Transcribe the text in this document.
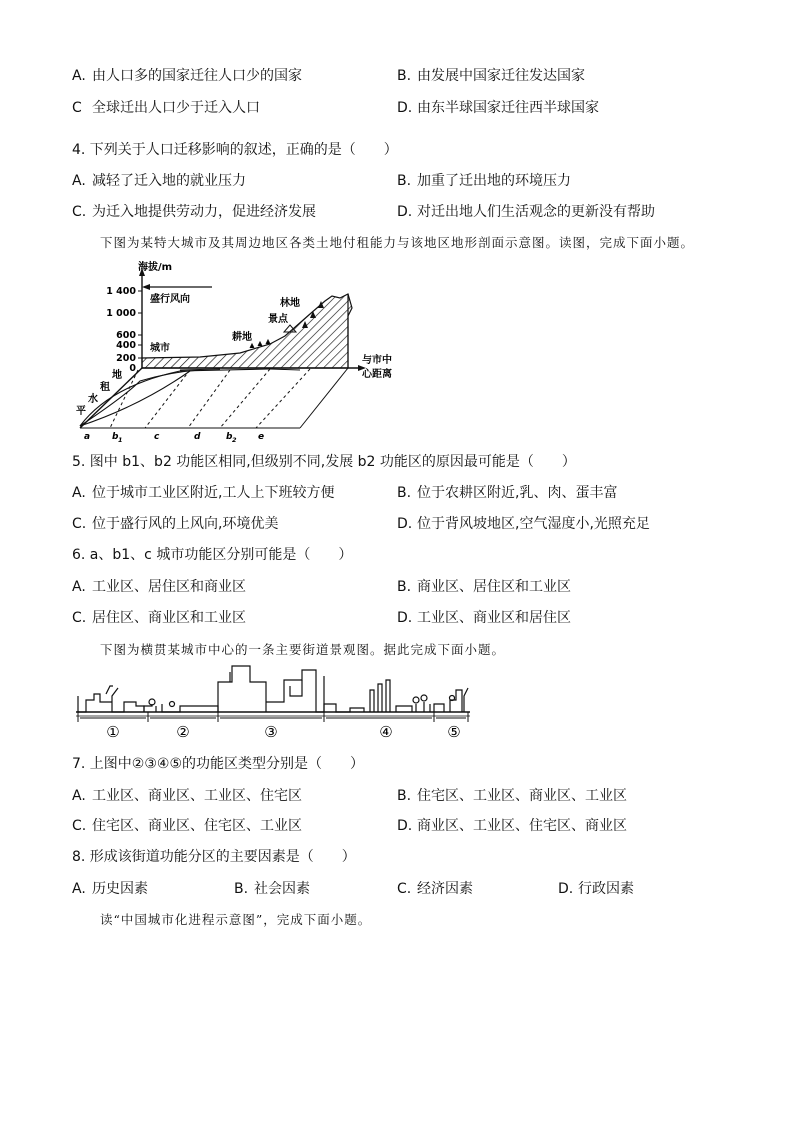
A. 由人口多的国家迁往人口少的国家	B. 由发展中国家迁往发达国家
C 全球迁出人口少于迁入人口	D. 由东半球国家迁往西半球国家
4. 下列关于人口迁移影响的叙述，正确的是（　　）
A. 减轻了迁入地的就业压力	B. 加重了迁出地的环境压力
C. 为迁入地提供劳动力，促进经济发展	D. 对迁出地人们生活观念的更新没有帮助
下图为某特大城市及其周边地区各类土地付租能力与该地区地形剖面示意图。读图，完成下面小题。
海拔/m
1 400
1 000
600
400
200
0
盛行风向
城市
耕地
景点
林地
与市中
心距离
地
租
水
平
a b 1	c	d	b 2 e
5. 图中 b1、b2 功能区相同,但级别不同,发展 b2 功能区的原因最可能是（　　）
A. 位于城市工业区附近,工人上下班较方便	B. 位于农耕区附近,乳、肉、蛋丰富
C. 位于盛行风的上风向,环境优美	D. 位于背风坡地区,空气湿度小,光照充足
6. a、b1、c 城市功能区分别可能是（　　）
A. 工业区、居住区和商业区	B. 商业区、居住区和工业区
C. 居住区、商业区和工业区	D. 工业区、商业区和居住区
下图为横贯某城市中心的一条主要街道景观图。据此完成下面小题。
①	②	③	④	⑤
7. 上图中②③④⑤的功能区类型分别是（　　）
A. 工业区、商业区、工业区、住宅区	B. 住宅区、工业区、商业区、工业区
C. 住宅区、商业区、住宅区、工业区	D. 商业区、工业区、住宅区、商业区
8. 形成该街道功能分区的主要因素是（　　）
A. 历史因素	B. 社会因素	C. 经济因素	D. 行政因素
读“中国城市化进程示意图”，完成下面小题。
